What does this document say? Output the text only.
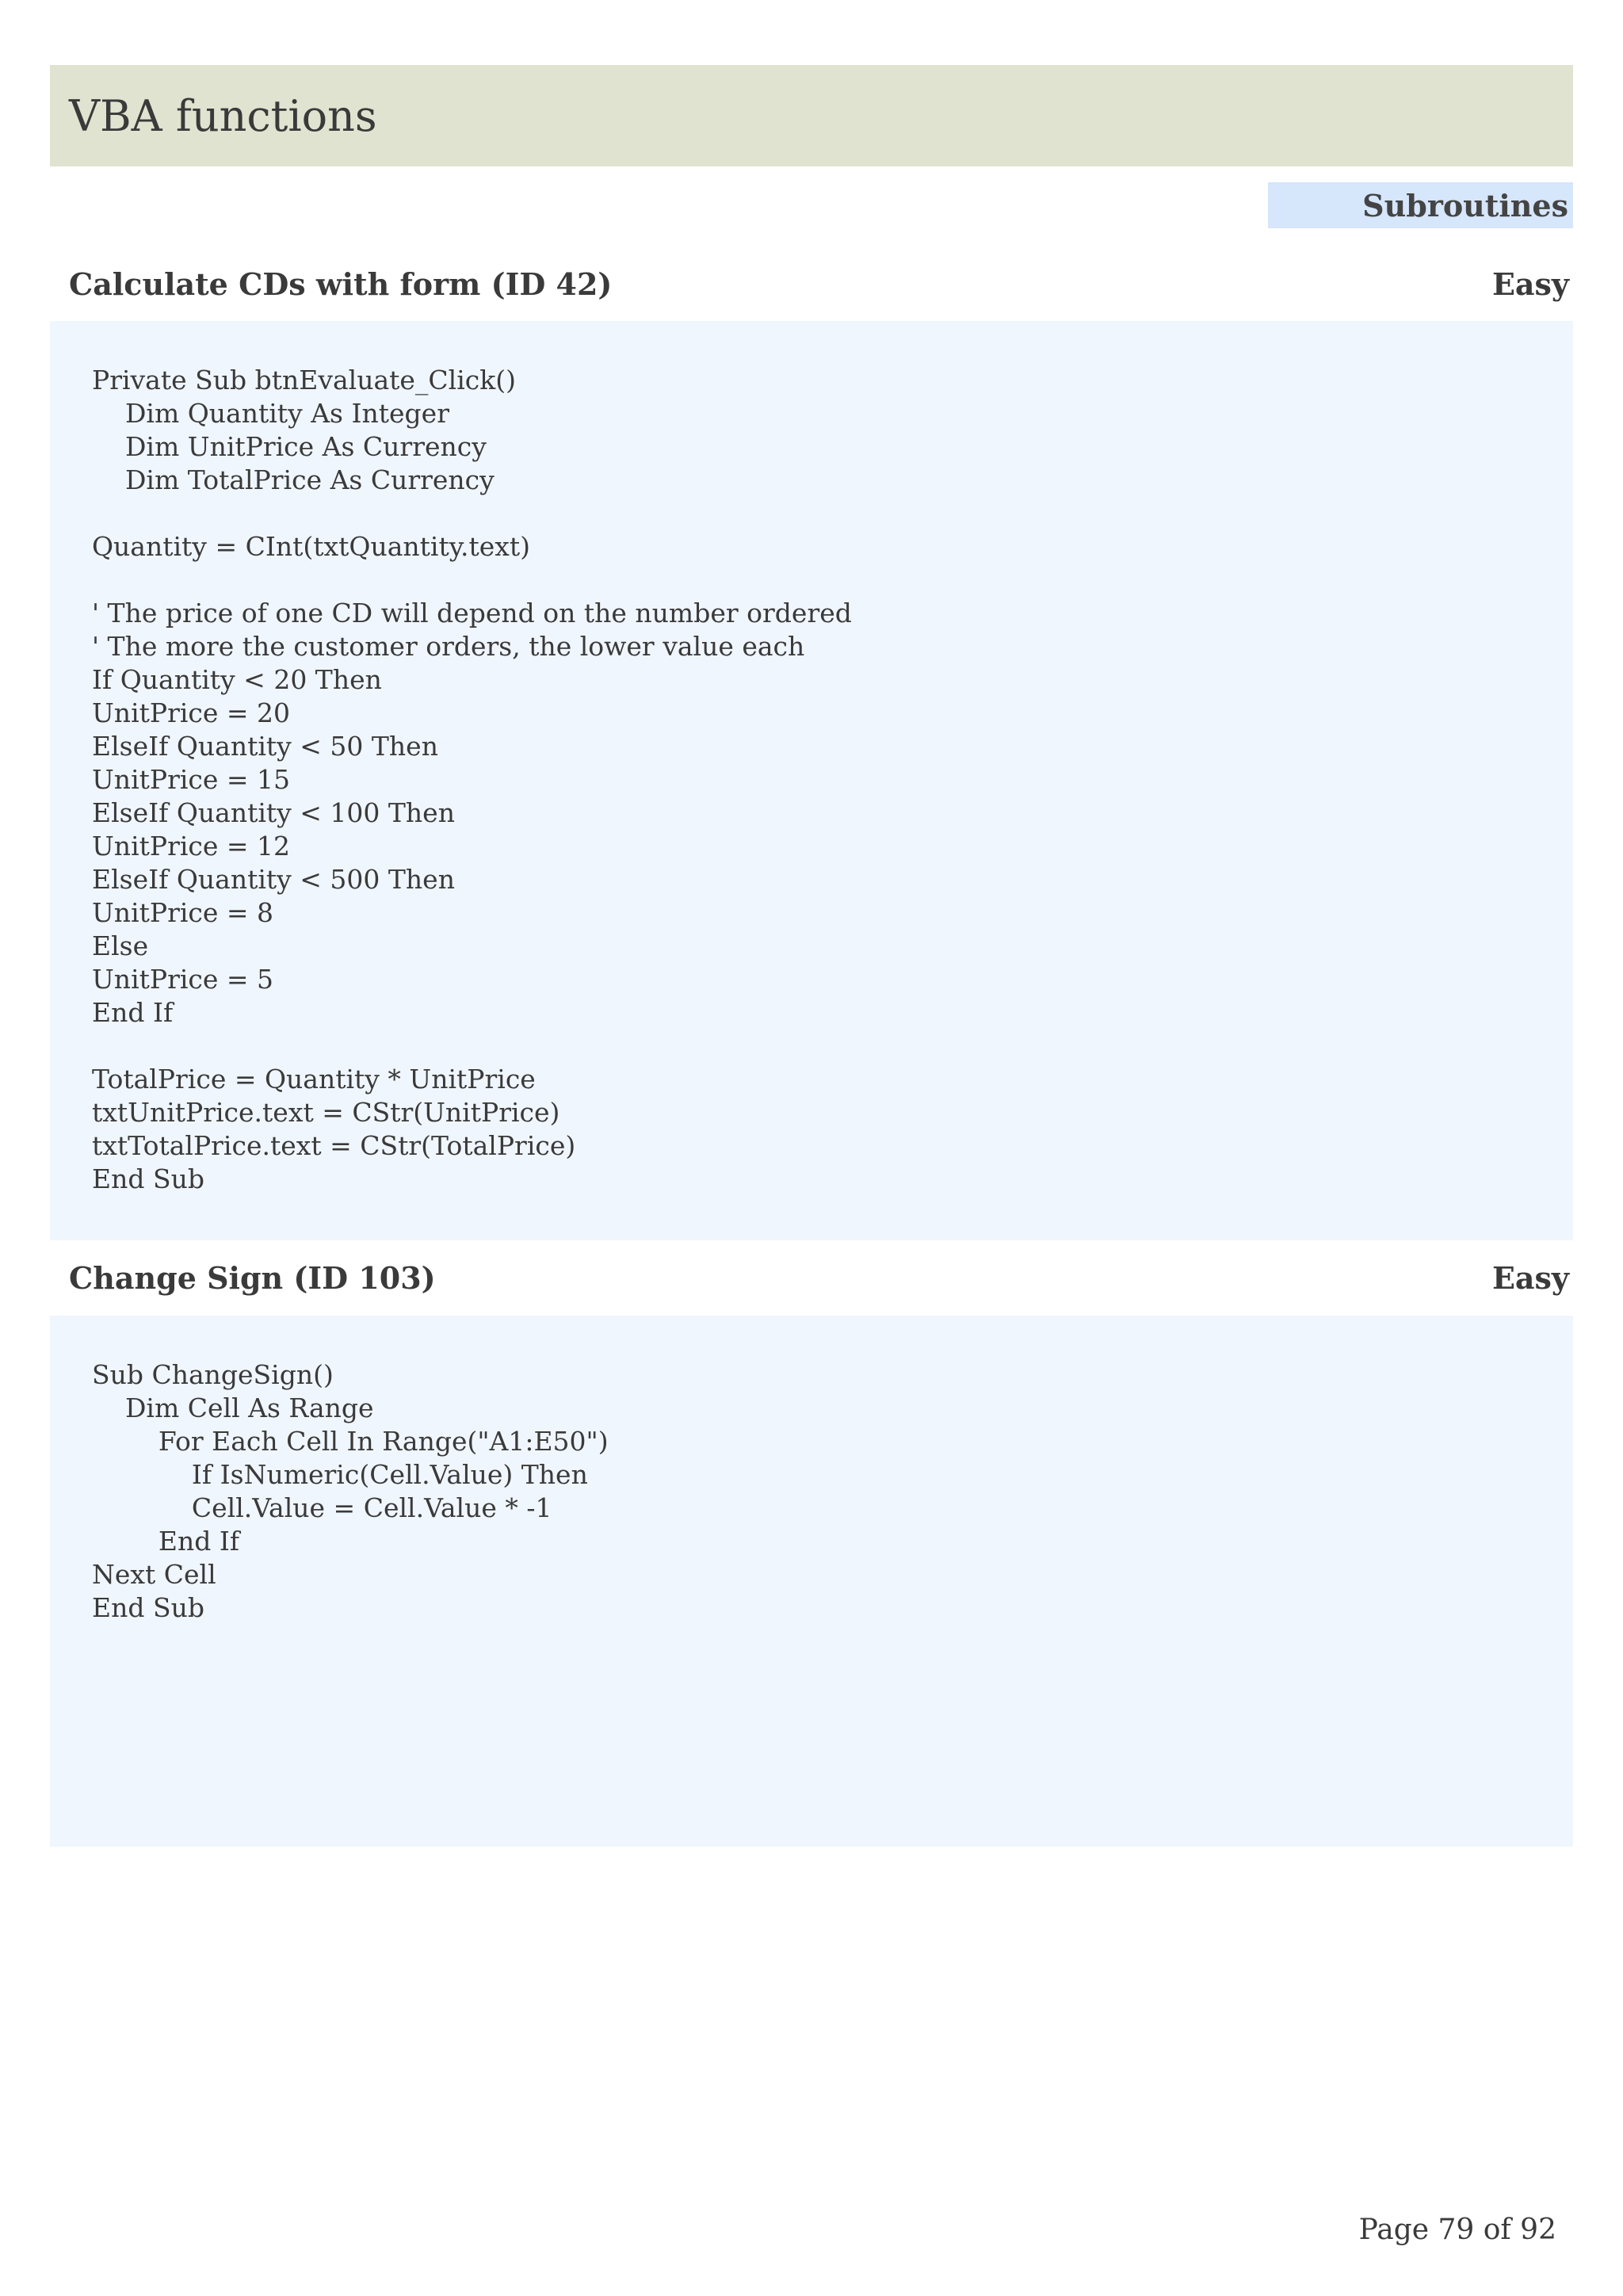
VBA functions
Subroutines
Calculate CDs with form (ID 42)	Easy
Private Sub btnEvaluate_Click()
Dim Quantity As Integer
Dim UnitPrice As Currency
Dim TotalPrice As Currency
Quantity = CInt(txtQuantity.text)
' The price of one CD will depend on the number ordered
' The more the customer orders, the lower value each
If Quantity < 20 Then
UnitPrice = 20
ElseIf Quantity < 50 Then
UnitPrice = 15
ElseIf Quantity < 100 Then
UnitPrice = 12
ElseIf Quantity < 500 Then
UnitPrice = 8
Else
UnitPrice = 5
End If
TotalPrice = Quantity * UnitPrice
txtUnitPrice.text = CStr(UnitPrice)
txtTotalPrice.text = CStr(TotalPrice)
End Sub
Change Sign (ID 103)	Easy
Sub ChangeSign()
Dim Cell As Range
For Each Cell In Range("A1:E50")
If IsNumeric(Cell.Value) Then
Cell.Value = Cell.Value * -1
End If
Next Cell
End Sub
Page 79 of 92
